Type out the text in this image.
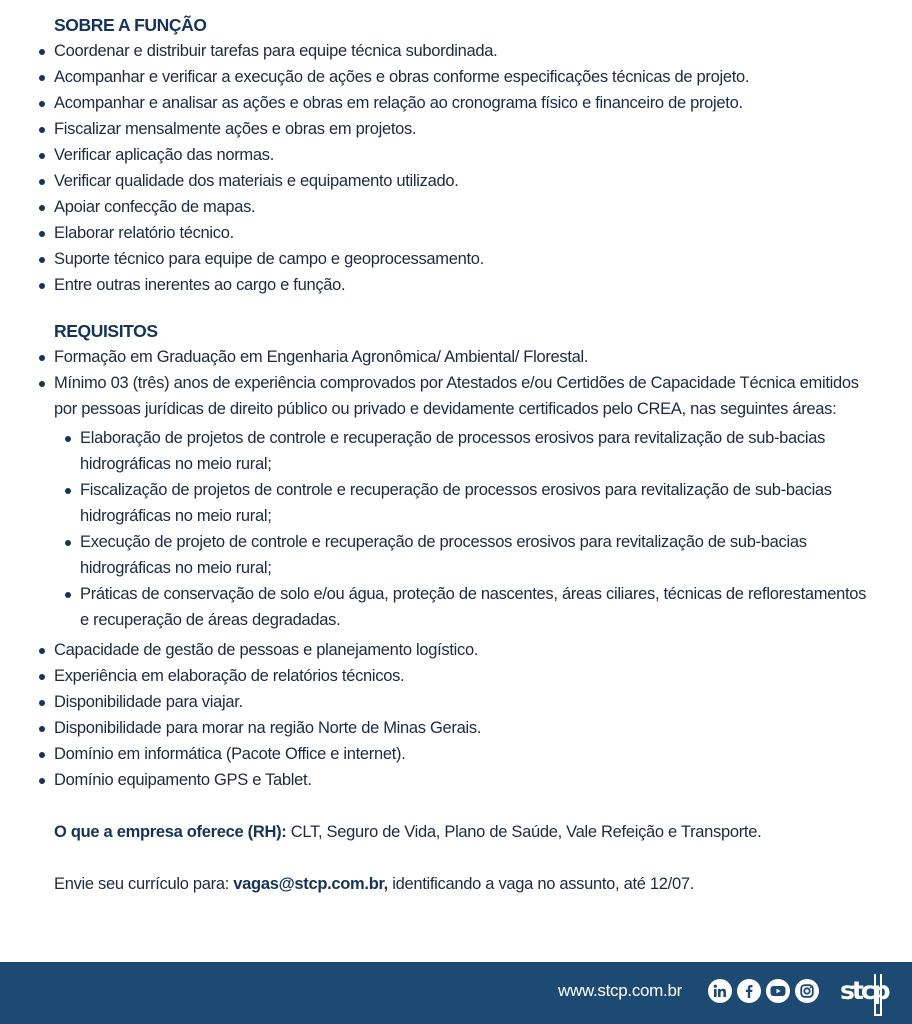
SOBRE A FUNÇÃO
Coordenar e distribuir tarefas para equipe técnica subordinada.
Acompanhar e verificar a execução de ações e obras conforme especificações técnicas de projeto.
Acompanhar e analisar as ações e obras em relação ao cronograma físico e financeiro de projeto.
Fiscalizar mensalmente ações e obras em projetos.
Verificar aplicação das normas.
Verificar qualidade dos materiais e equipamento utilizado.
Apoiar confecção de mapas.
Elaborar relatório técnico.
Suporte técnico para equipe de campo e geoprocessamento.
Entre outras inerentes ao cargo e função.
REQUISITOS
Formação em Graduação em Engenharia Agronômica/ Ambiental/ Florestal.
Mínimo 03 (três) anos de experiência comprovados por Atestados e/ou Certidões de Capacidade Técnica emitidos por pessoas jurídicas de direito público ou privado e devidamente certificados pelo CREA, nas seguintes áreas:
Elaboração de projetos de controle e recuperação de processos erosivos para revitalização de sub-bacias hidrográficas no meio rural;
Fiscalização de projetos de controle e recuperação de processos erosivos para revitalização de sub-bacias hidrográficas no meio rural;
Execução de projeto de controle e recuperação de processos erosivos para revitalização de sub-bacias hidrográficas no meio rural;
Práticas de conservação de solo e/ou água, proteção de nascentes, áreas ciliares, técnicas de reflorestamentos e recuperação de áreas degradadas.
Capacidade de gestão de pessoas e planejamento logístico.
Experiência em elaboração de relatórios técnicos.
Disponibilidade para viajar.
Disponibilidade para morar na região Norte de Minas Gerais.
Domínio em informática (Pacote Office e internet).
Domínio equipamento GPS e Tablet.
O que a empresa oferece (RH): CLT, Seguro de Vida, Plano de Saúde, Vale Refeição e Transporte.
Envie seu currículo para: vagas@stcp.com.br, identificando a vaga no assunto, até 12/07.
www.stcp.com.br	stcp
